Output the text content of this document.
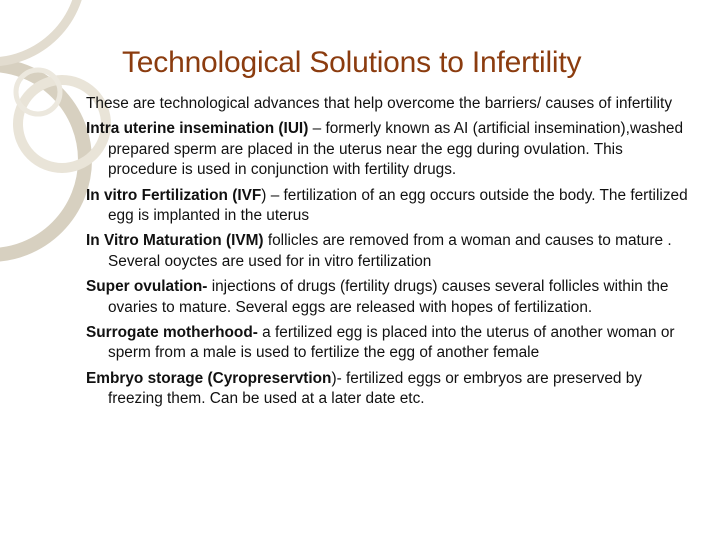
Technological Solutions to Infertility

These are technological advances that help overcome the barriers/ causes of infertility

Intra uterine insemination (IUI) – formerly known as AI (artificial insemination),washed prepared sperm are placed in the uterus near the egg during ovulation. This procedure is used in conjunction with fertility drugs.

In vitro Fertilization (IVF) – fertilization of an egg occurs outside the body. The fertilized egg is implanted in the uterus

In Vitro Maturation (IVM) follicles are removed from a woman and causes to mature . Several ooyctes are used for in vitro fertilization

Super ovulation- injections of drugs (fertility drugs) causes several follicles within the ovaries to mature. Several eggs are released with hopes of fertilization.

Surrogate motherhood- a fertilized egg is placed into the uterus of another woman or sperm from a male is used to fertilize the egg of another female

Embryo storage (Cyropreservtion)- fertilized eggs or embryos are preserved by freezing them. Can be used at a later date etc.
